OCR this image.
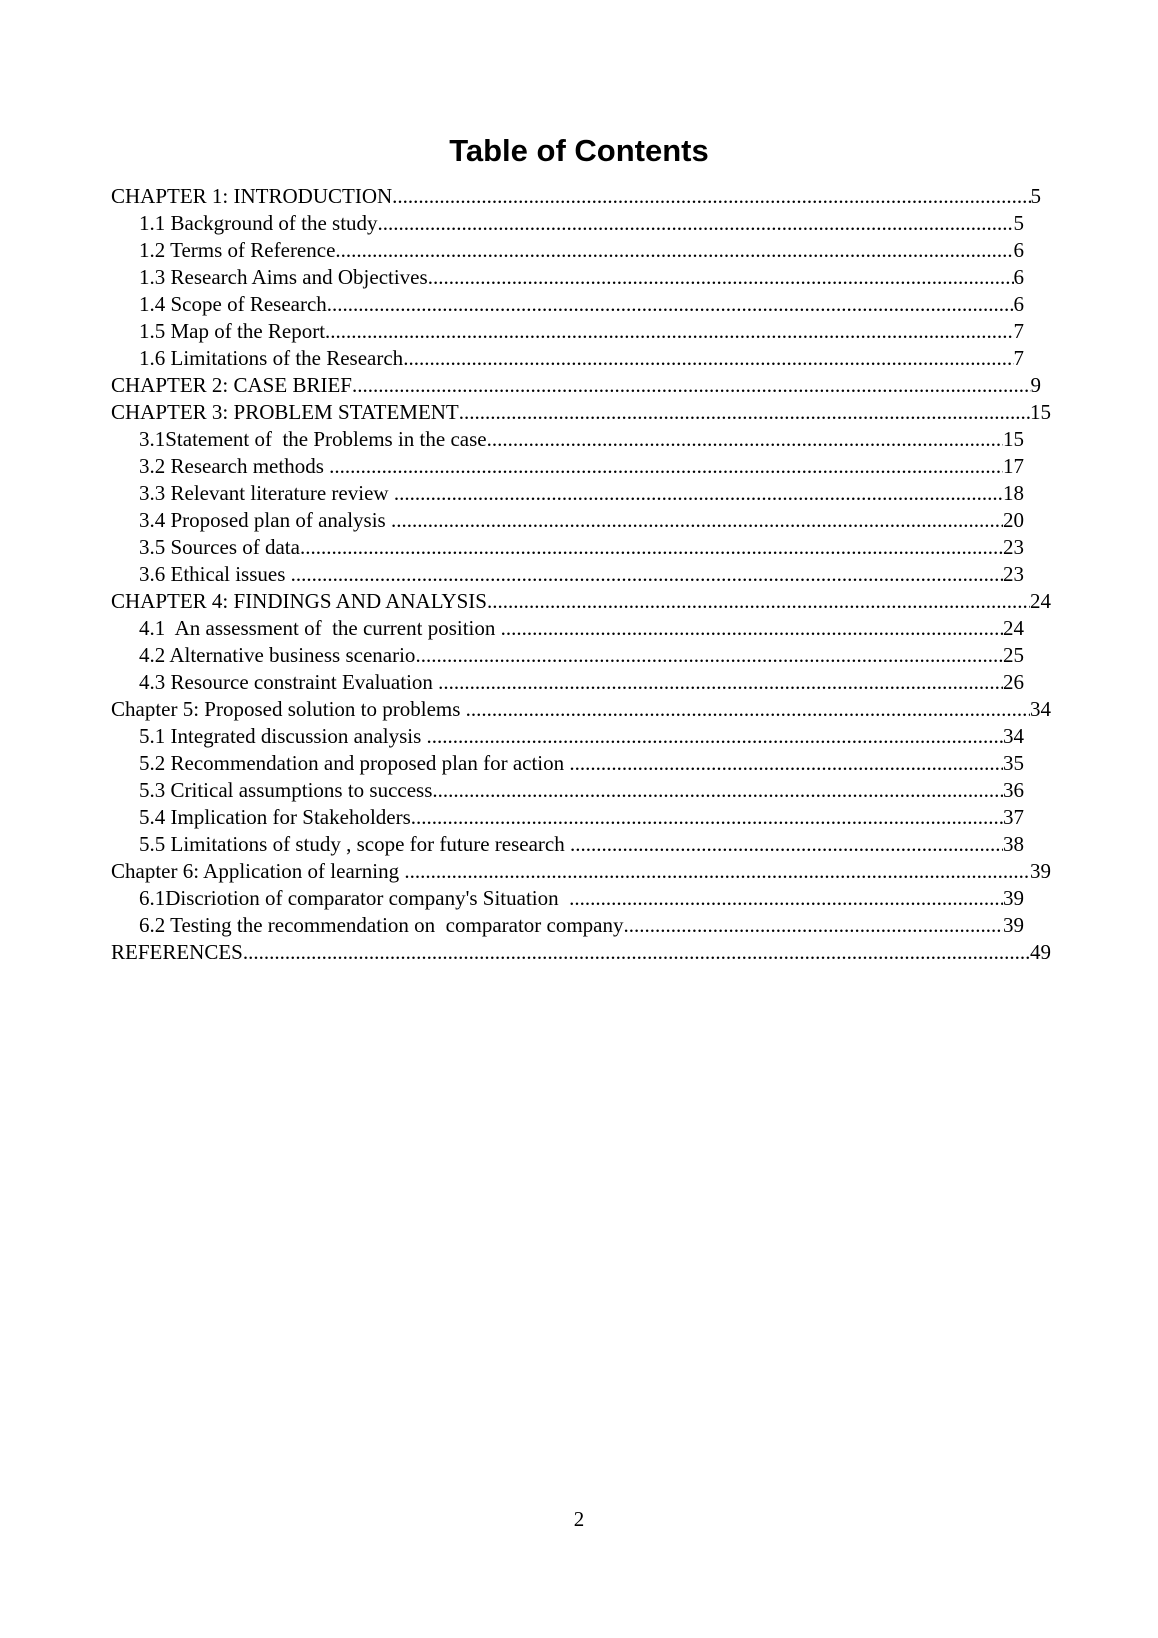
Table of Contents
CHAPTER 1: INTRODUCTION .....	5
1.1 Background of the study .....	5
1.2 Terms of Reference .....	6
1.3 Research Aims and Objectives .....	6
1.4 Scope of Research .....	6
1.5 Map of the Report .....	7
1.6 Limitations of the Research .....	7
CHAPTER 2: CASE BRIEF .....	9
CHAPTER 3: PROBLEM STATEMENT .....	15
3.1Statement of  the Problems in the case .....	15
3.2 Research methods .....	17
3.3 Relevant literature review .....	18
3.4 Proposed plan of analysis .....	20
3.5 Sources of data .....	23
3.6 Ethical issues .....	23
CHAPTER 4: FINDINGS AND ANALYSIS .....	24
4.1  An assessment of  the current position .....	24
4.2 Alternative business scenario .....	25
4.3 Resource constraint Evaluation .....	26
Chapter 5: Proposed solution to problems .....	34
5.1 Integrated discussion analysis .....	34
5.2 Recommendation and proposed plan for action .....	35
5.3 Critical assumptions to success .....	36
5.4 Implication for Stakeholders .....	37
5.5 Limitations of study , scope for future research .....	38
Chapter 6: Application of learning .....	39
6.1Discriotion of comparator company's Situation .....	39
6.2 Testing the recommendation on  comparator company .....	39
REFERENCES .....	49
2
